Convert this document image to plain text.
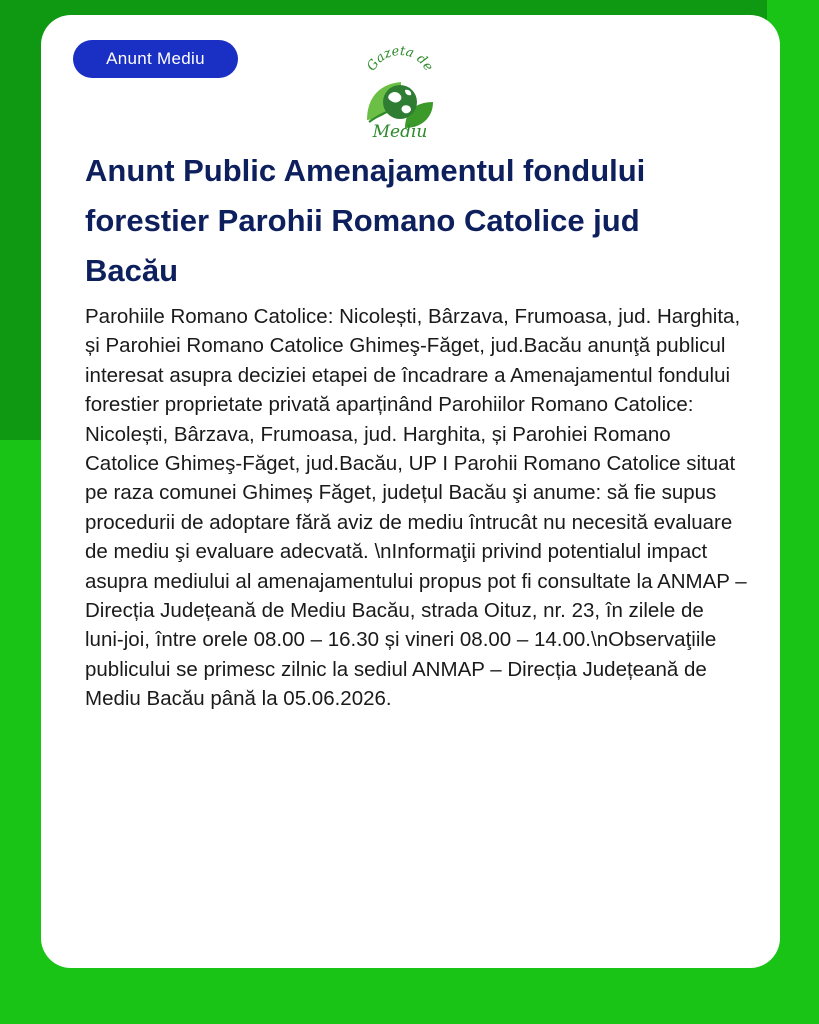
Anunt Mediu	Gazeta de
Mediu
Anunt Public Amenajamentul fondului forestier Parohii Romano Catolice jud Bacău

Parohiile Romano Catolice: Nicolești, Bârzava, Frumoasa, jud. Harghita, și Parohiei Romano Catolice Ghimeş-Făget, jud.Bacău anunţă publicul interesat asupra deciziei etapei de încadrare a Amenajamentul fondului forestier proprietate privată aparținând Parohiilor Romano Catolice: Nicolești, Bârzava, Frumoasa, jud. Harghita, și Parohiei Romano Catolice Ghimeş-Făget, jud.Bacău, UP I Parohii Romano Catolice situat pe raza comunei Ghimeș Făget, județul Bacău şi anume: să fie supus procedurii de adoptare fără aviz de mediu întrucât nu necesită evaluare de mediu şi evaluare adecvată. \nInformaţii privind potentialul impact asupra mediului al amenajamentului propus pot fi consultate la ANMAP – Direcția Județeană de Mediu Bacău, strada Oituz, nr. 23, în zilele de luni-joi, între orele 08.00 – 16.30 și vineri 08.00 – 14.00.\nObservaţiile publicului se primesc zilnic la sediul ANMAP – Direcția Județeană de Mediu Bacău până la 05.06.2026.
